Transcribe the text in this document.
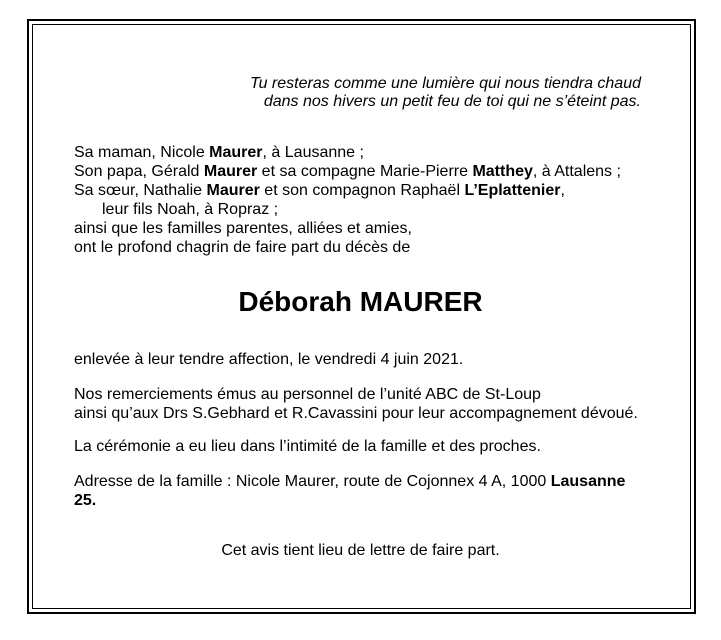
Tu resteras comme une lumière qui nous tiendra chaud
dans nos hivers un petit feu de toi qui ne s’éteint pas.
Sa maman, Nicole Maurer, à Lausanne ;
Son papa, Gérald Maurer et sa compagne Marie-Pierre Matthey, à Attalens ;
Sa sœur, Nathalie Maurer et son compagnon Raphaël L’Eplattenier,
leur fils Noah, à Ropraz ;
ainsi que les familles parentes, alliées et amies,
ont le profond chagrin de faire part du décès de
Déborah MAURER
enlevée à leur tendre affection, le vendredi 4 juin 2021.
Nos remerciements émus au personnel de l’unité ABC de St-Loup
ainsi qu’aux Drs S.Gebhard et R.Cavassini pour leur accompagnement dévoué.
La cérémonie a eu lieu dans l’intimité de la famille et des proches.
Adresse de la famille : Nicole Maurer, route de Cojonnex 4 A, 1000 Lausanne
25.
Cet avis tient lieu de lettre de faire part.
